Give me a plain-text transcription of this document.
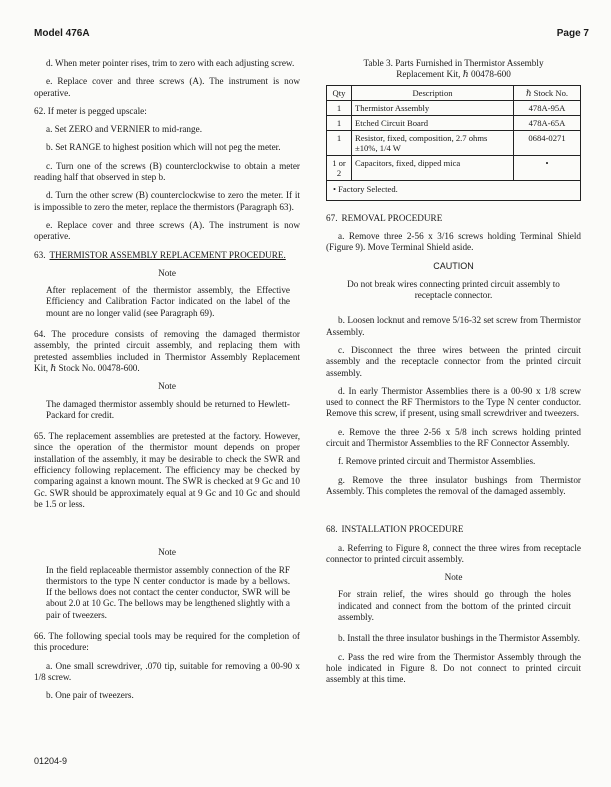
Model 476A	Page 7

d. When meter pointer rises, trim to zero with each adjusting screw.

e. Replace cover and three screws (A). The instrument is now operative.

62. If meter is pegged upscale:

a. Set ZERO and VERNIER to mid-range.

b. Set RANGE to highest position which will not peg the meter.

c. Turn one of the screws (B) counterclockwise to obtain a meter reading half that observed in step b.

d. Turn the other screw (B) counterclockwise to zero the meter. If it is impossible to zero the meter, replace the thermistors (Paragraph 63).

e. Replace cover and three screws (A). The instrument is now operative.

63. THERMISTOR ASSEMBLY REPLACEMENT PROCEDURE.
Note
After replacement of the thermistor assembly, the Effective Efficiency and Calibration Factor indicated on the label of the mount are no longer valid (see Paragraph 69).

64. The procedure consists of removing the damaged thermistor assembly, the printed circuit assembly, and replacing them with pretested assemblies included in Thermistor Assembly Replacement Kit, ℏ Stock No. 00478-600.

Note
The damaged thermistor assembly should be returned to Hewlett-Packard for credit.

65. The replacement assemblies are pretested at the factory. However, since the operation of the thermistor mount depends on proper installation of the assembly, it may be desirable to check the SWR and efficiency following replacement. The efficiency may be checked by comparing against a known mount. The SWR is checked at 9 Gc and 10 Gc. SWR should be approximately equal at 9 Gc and 10 Gc and should be 1.5 or less.

Note
In the field replaceable thermistor assembly connection of the RF thermistors to the type N center conductor is made by a bellows. If the bellows does not contact the center conductor, SWR will be about 2.0 at 10 Gc. The bellows may be lengthened slightly with a pair of tweezers.

66. The following special tools may be required for the completion of this procedure:

a. One small screwdriver, .070 tip, suitable for removing a 00-90 x 1/8 screw.

b. One pair of tweezers.

Table 3. Parts Furnished in Thermistor Assembly
Replacement Kit, ℏ 00478-600
Qty	Description	ℏ Stock No.
1	Thermistor Assembly	478A-95A
1	Etched Circuit Board	478A-65A
1	Resistor, fixed, composition, 2.7 ohms ±10%, 1/4 W	0684-0271
1 or 2	Capacitors, fixed, dipped mica	•
• Factory Selected.		
67. REMOVAL PROCEDURE

a. Remove three 2-56 x 3/16 screws holding Terminal Shield (Figure 9). Move Terminal Shield aside.

CAUTION
Do not break wires connecting printed circuit assembly to receptacle connector.

b. Loosen locknut and remove 5/16-32 set screw from Thermistor Assembly.

c. Disconnect the three wires between the printed circuit assembly and the receptacle connector from the printed circuit assembly.

d. In early Thermistor Assemblies there is a 00-90 x 1/8 screw used to connect the RF Thermistors to the Type N center conductor. Remove this screw, if present, using small screwdriver and tweezers.

e. Remove the three 2-56 x 5/8 inch screws holding printed circuit and Thermistor Assemblies to the RF Connector Assembly.

f. Remove printed circuit and Thermistor Assemblies.

g. Remove the three insulator bushings from Thermistor Assembly. This completes the removal of the damaged assembly.

68. INSTALLATION PROCEDURE

a. Referring to Figure 8, connect the three wires from receptacle connector to printed circuit assembly.

Note
For strain relief, the wires should go through the holes indicated and connect from the bottom of the printed circuit assembly.

b. Install the three insulator bushings in the Thermistor Assembly.

c. Pass the red wire from the Thermistor Assembly through the hole indicated in Figure 8. Do not connect to printed circuit assembly at this time.

01204-9
